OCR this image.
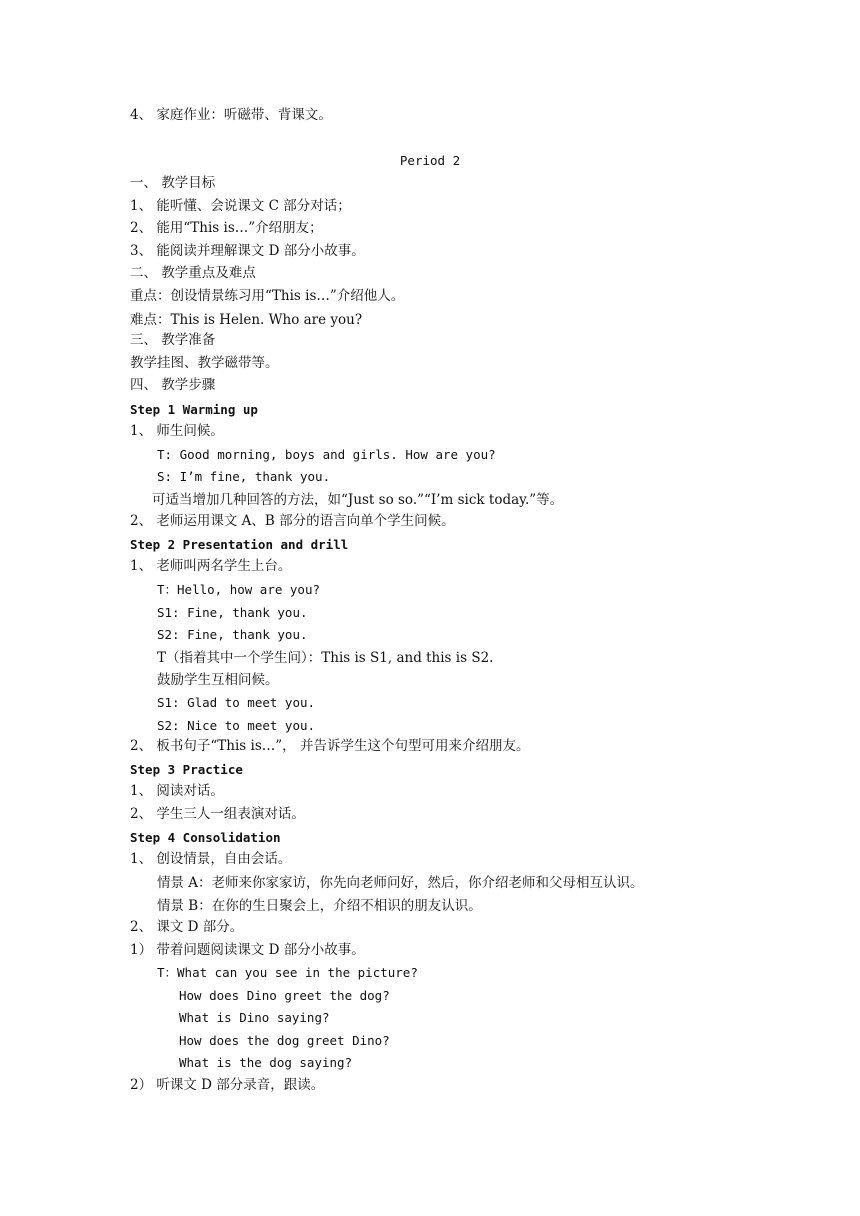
4、 家庭作业：听磁带、背课文。
Period 2
一、 教学目标
1、 能听懂、会说课文 C 部分对话；
2、 能用“This is…”介绍朋友；
3、 能阅读并理解课文 D 部分小故事。
二、 教学重点及难点
重点：创设情景练习用“This is…”介绍他人。
难点：This is Helen. Who are you?
三、 教学准备
教学挂图、教学磁带等。
四、 教学步骤
Step 1 Warming up
1、 师生问候。
T: Good morning, boys and girls. How are you?
S: I’m fine, thank you.
可适当增加几种回答的方法，如“Just so so.”“I’m sick today.”等。
2、 老师运用课文 A、B 部分的语言向单个学生问候。
Step 2 Presentation and drill
1、 老师叫两名学生上台。
T：Hello, how are you?
S1: Fine, thank you.
S2: Fine, thank you.
T（指着其中一个学生问）：This is S1, and this is S2.
鼓励学生互相问候。
S1: Glad to meet you.
S2: Nice to meet you.
2、 板书句子“This is…”， 并告诉学生这个句型可用来介绍朋友。
Step 3 Practice
1、 阅读对话。
2、 学生三人一组表演对话。
Step 4 Consolidation
1、 创设情景，自由会话。
情景 A：老师来你家家访，你先向老师问好，然后，你介绍老师和父母相互认识。
情景 B：在你的生日聚会上，介绍不相识的朋友认识。
2、 课文 D 部分。
1） 带着问题阅读课文 D 部分小故事。
T：What can you see in the picture?
How does Dino greet the dog?
What is Dino saying?
How does the dog greet Dino?
What is the dog saying?
2） 听课文 D 部分录音，跟读。
